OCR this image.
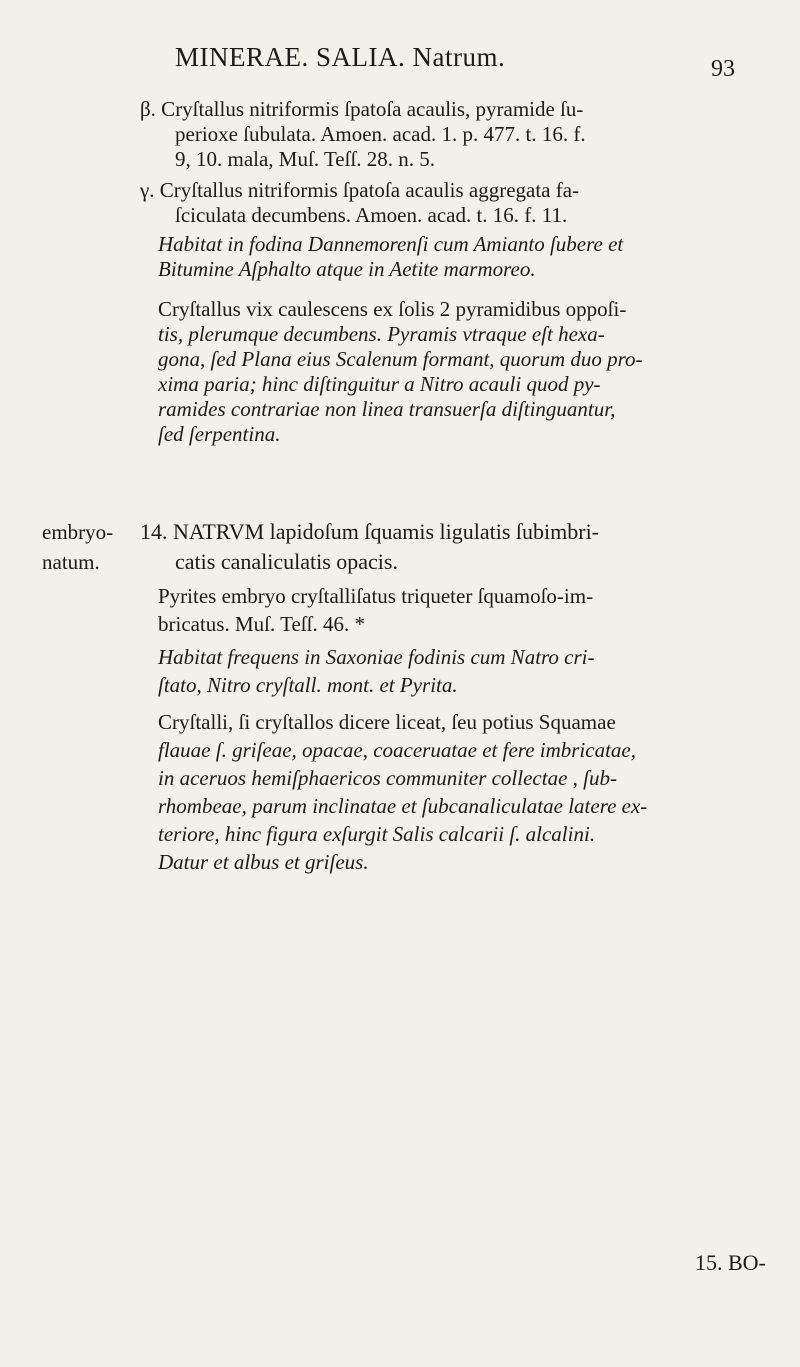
MINERAE. SALIA. Natrum.	93
β. Cryſtallus nitriformis ſpatoſa acaulis, pyramide ſu-
perioxe ſubulata. Amoen. acad. 1. p. 477. t. 16. f.
9, 10. mala, Muſ. Teſſ. 28. n. 5.
γ. Cryſtallus nitriformis ſpatoſa acaulis aggregata fa-
ſciculata decumbens. Amoen. acad. t. 16. f. 11.
Habitat in fodina Dannemorenſi cum Amianto ſubere et
Bitumine Aſphalto atque in Aetite marmoreo.
Cryſtallus vix caulescens ex ſolis 2 pyramidibus oppoſi-
tis, plerumque decumbens. Pyramis vtraque eſt hexa-
gona, ſed Plana eius Scalenum formant, quorum duo pro-
xima paria; hinc diſtinguitur a Nitro acauli quod py-
ramides contrariae non linea transuerſa diſtinguantur,
ſed ſerpentina.
embryo-
natum.
14. NATRVM lapidoſum ſquamis ligulatis ſubimbri-
catis canaliculatis opacis.
Pyrites embryo cryſtalliſatus triqueter ſquamoſo-im-
bricatus. Muſ. Teſſ. 46. *
Habitat frequens in Saxoniae fodinis cum Natro cri-
ſtato, Nitro cryſtall. mont. et Pyrita.
Cryſtalli, ſi cryſtallos dicere liceat, ſeu potius Squamae
flauae ſ. griſeae, opacae, coaceruatae et fere imbricatae,
in aceruos hemiſphaericos communiter collectae , ſub-
rhombeae, parum inclinatae et ſubcanaliculatae latere ex-
teriore, hinc figura exſurgit Salis calcarii ſ. alcalini.
Datur et albus et griſeus.
15. BO-
